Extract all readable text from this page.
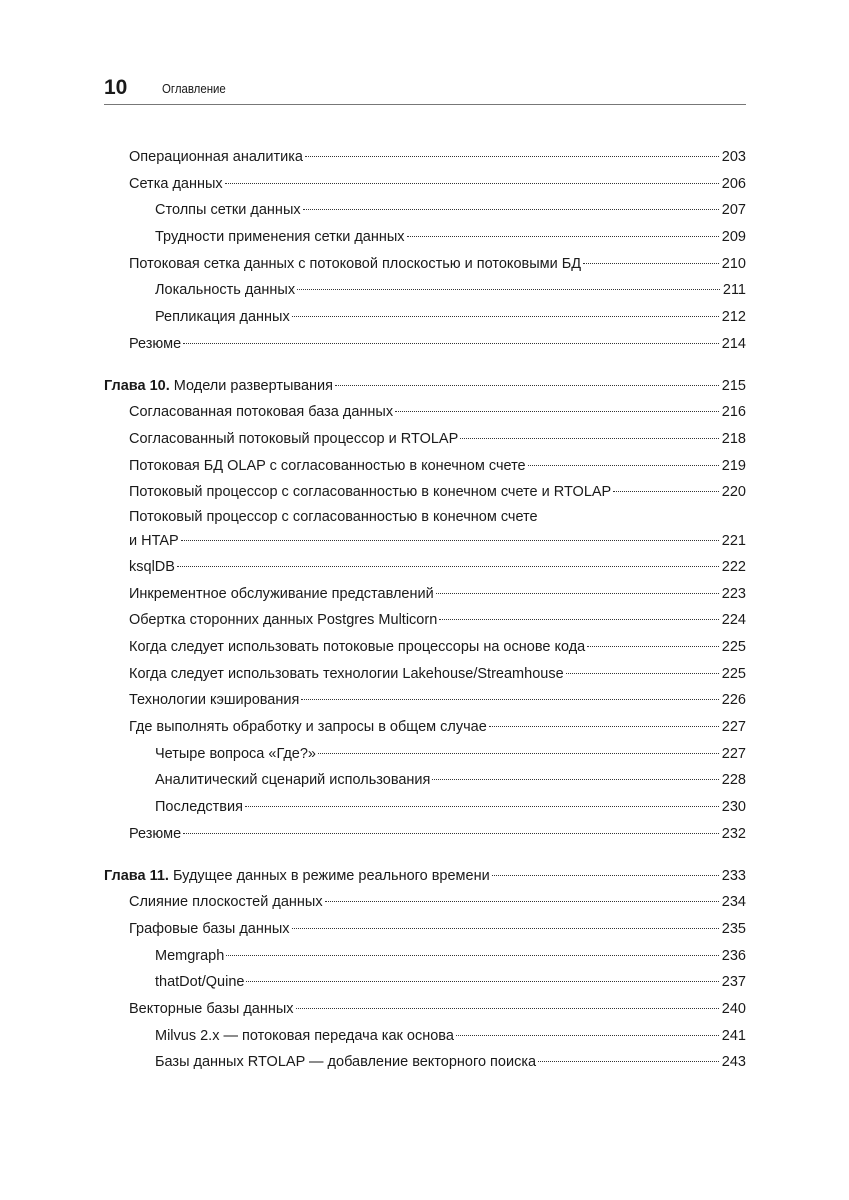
10	Оглавление
Операционная аналитика	203
Сетка данных	206
Столпы сетки данных	207
Трудности применения сетки данных	209
Потоковая сетка данных с потоковой плоскостью и потоковыми БД	210
Локальность данных	211
Репликация данных	212
Резюме	214
Глава 10. Модели развертывания	215
Согласованная потоковая база данных	216
Согласованный потоковый процессор и RTOLAP	218
Потоковая БД OLAP с согласованностью в конечном счете	219
Потоковый процессор с согласованностью в конечном счете и RTOLAP	220
Потоковый процессор с согласованностью в конечном счете
и HTAP	221
ksqlDB	222
Инкрементное обслуживание представлений	223
Обертка сторонних данных Postgres Multicorn	224
Когда следует использовать потоковые процессоры на основе кода	225
Когда следует использовать технологии Lakehouse/Streamhouse	225
Технологии кэширования	226
Где выполнять обработку и запросы в общем случае	227
Четыре вопроса «Где?»	227
Аналитический сценарий использования	228
Последствия	230
Резюме	232
Глава 11. Будущее данных в режиме реального времени	233
Слияние плоскостей данных	234
Графовые базы данных	235
Memgraph	236
thatDot/Quine	237
Векторные базы данных	240
Milvus 2.x — потоковая передача как основа	241
Базы данных RTOLAP — добавление векторного поиска	243
